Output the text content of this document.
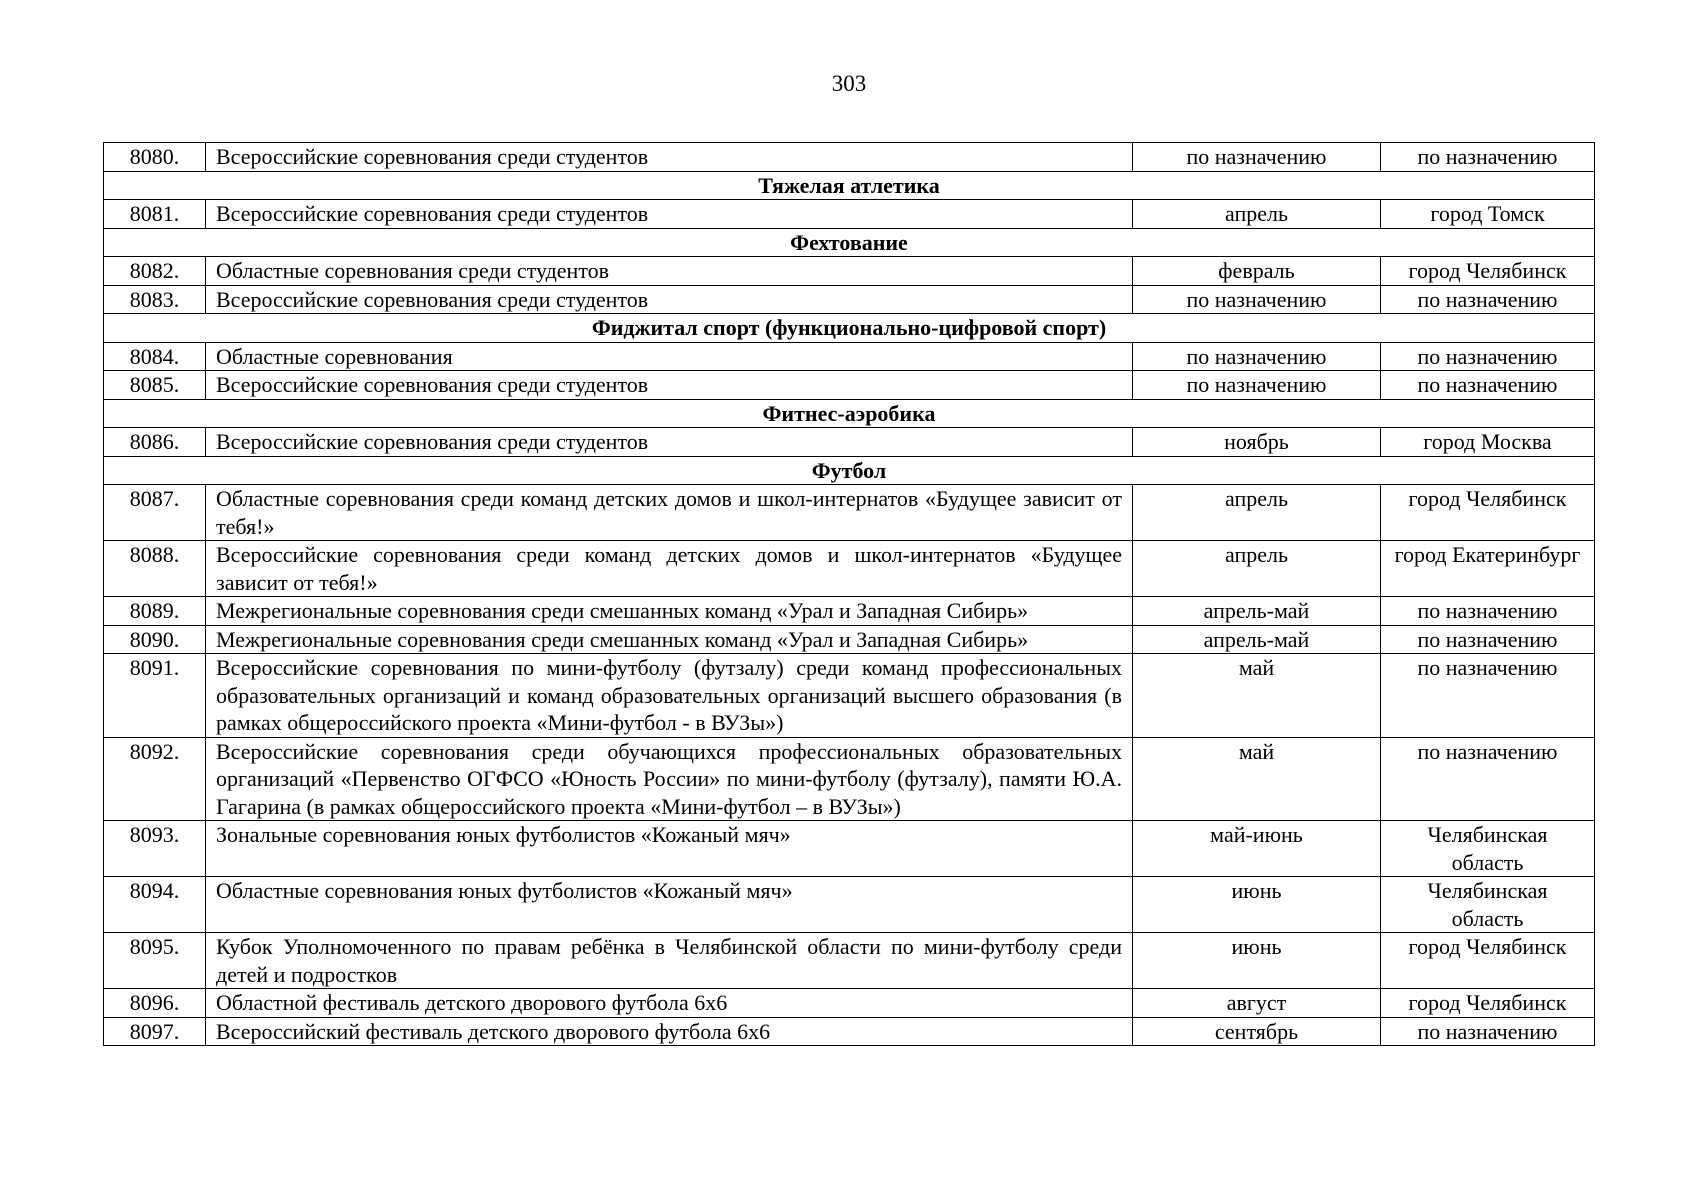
303
8080.	Всероссийские соревнования среди студентов	по назначению	по назначению
Тяжелая атлетика			
8081.	Всероссийские соревнования среди студентов	апрель	город Томск
Фехтование			
8082.	Областные соревнования среди студентов	февраль	город Челябинск
8083.	Всероссийские соревнования среди студентов	по назначению	по назначению
Фиджитал спорт (функционально-цифровой спорт)			
8084.	Областные соревнования	по назначению	по назначению
8085.	Всероссийские соревнования среди студентов	по назначению	по назначению
Фитнес-аэробика			
8086.	Всероссийские соревнования среди студентов	ноябрь	город Москва
Футбол			
8087.	Областные соревнования среди команд детских домов и школ-интернатов «Будущее зависит от тебя!»	апрель	город Челябинск
8088.	Всероссийские соревнования среди команд детских домов и школ-интернатов «Будущее зависит от тебя!»	апрель	город Екатеринбург
8089.	Межрегиональные соревнования среди смешанных команд «Урал и Западная Сибирь»	апрель-май	по назначению
8090.	Межрегиональные соревнования среди смешанных команд «Урал и Западная Сибирь»	апрель-май	по назначению
8091.	Всероссийские соревнования по мини-футболу (футзалу) среди команд профессиональных образовательных организаций и команд образовательных организаций высшего образования (в рамках общероссийского проекта «Мини-футбол - в ВУЗы»)	май	по назначению
8092.	Всероссийские соревнования среди обучающихся профессиональных образовательных организаций «Первенство ОГФСО «Юность России» по мини-футболу (футзалу), памяти Ю.А. Гагарина (в рамках общероссийского проекта «Мини-футбол – в ВУЗы»)	май	по назначению
8093.	Зональные соревнования юных футболистов «Кожаный мяч»	май-июнь	Челябинская область
8094.	Областные соревнования юных футболистов «Кожаный мяч»	июнь	Челябинская область
8095.	Кубок Уполномоченного по правам ребёнка в Челябинской области по мини-футболу среди детей и подростков	июнь	город Челябинск
8096.	Областной фестиваль детского дворового футбола 6х6	август	город Челябинск
8097.	Всероссийский фестиваль детского дворового футбола 6х6	сентябрь	по назначению
